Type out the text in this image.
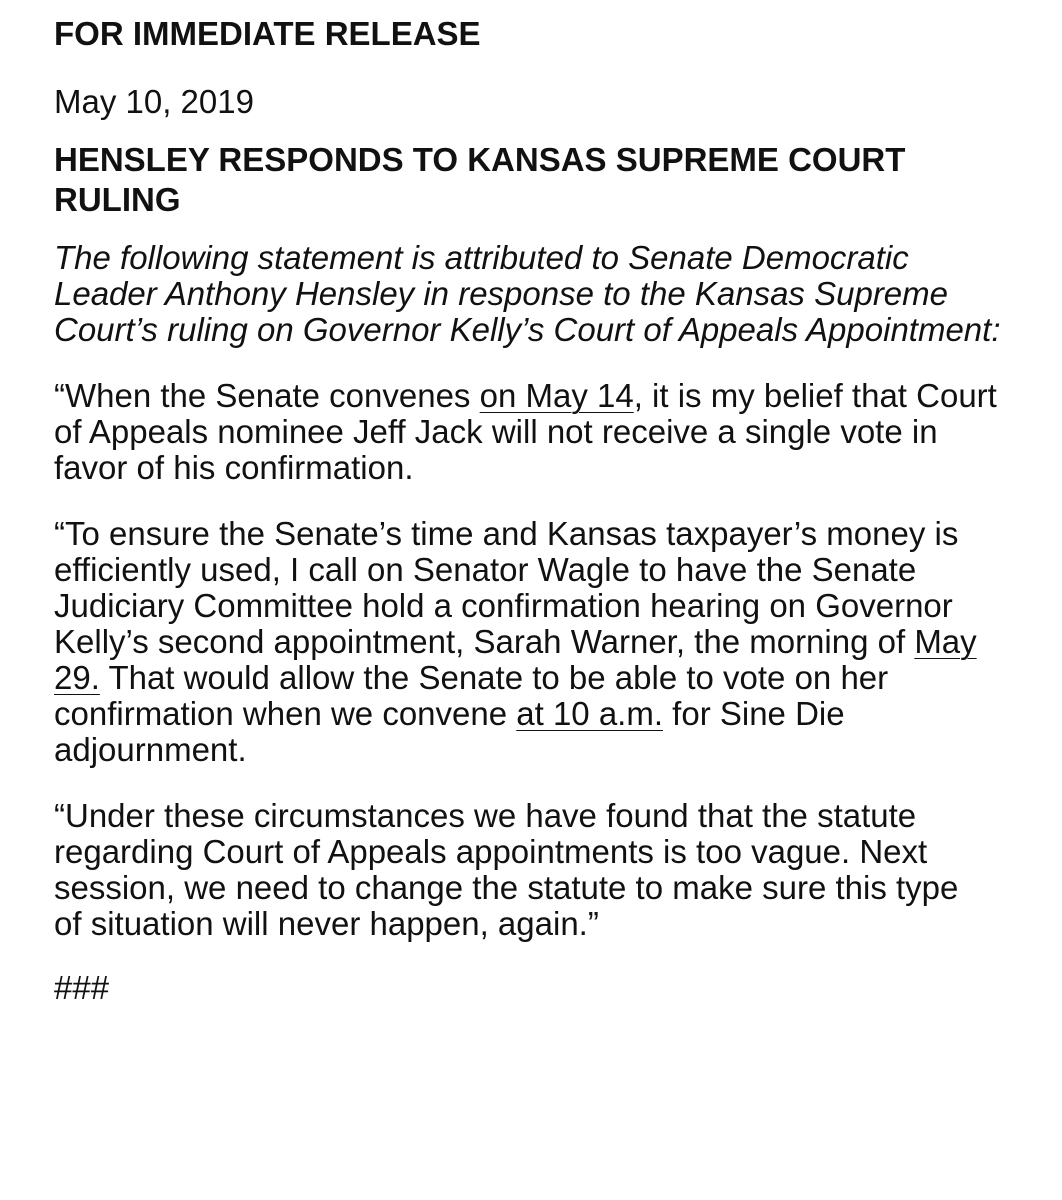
FOR IMMEDIATE RELEASE

May 10, 2019

HENSLEY RESPONDS TO KANSAS SUPREME COURT RULING

The following statement is attributed to Senate Democratic Leader Anthony Hensley in response to the Kansas Supreme Court’s ruling on Governor Kelly’s Court of Appeals Appointment:

“When the Senate convenes on May 14, it is my belief that Court of Appeals nominee Jeff Jack will not receive a single vote in favor of his confirmation.

“To ensure the Senate’s time and Kansas taxpayer’s money is efficiently used, I call on Senator Wagle to have the Senate Judiciary Committee hold a confirmation hearing on Governor Kelly’s second appointment, Sarah Warner, the morning of May 29. That would allow the Senate to be able to vote on her confirmation when we convene at 10 a.m. for Sine Die adjournment.

“Under these circumstances we have found that the statute regarding Court of Appeals appointments is too vague. Next session, we need to change the statute to make sure this type of situation will never happen, again.”

###
